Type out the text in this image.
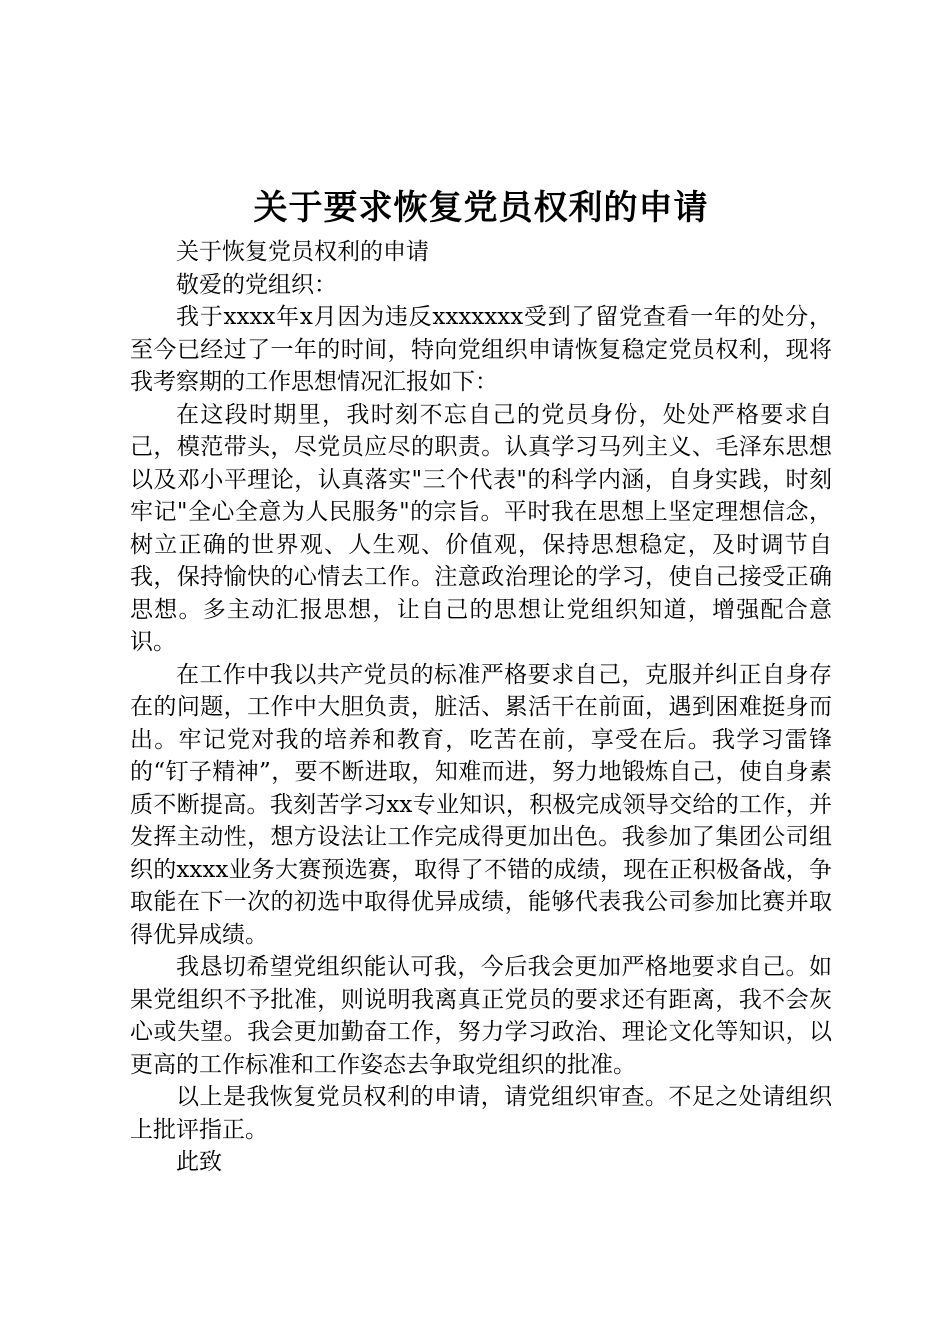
关于要求恢复党员权利的申请

关于恢复党员权利的申请

敬爱的党组织：

我于xxxx年x月因为违反xxxxxxx受到了留党查看一年的处分，至今已经过了一年的时间，特向党组织申请恢复稳定党员权利，现将我考察期的工作思想情况汇报如下：

在这段时期里，我时刻不忘自己的党员身份，处处严格要求自己，模范带头，尽党员应尽的职责。认真学习马列主义、毛泽东思想以及邓小平理论，认真落实"三个代表"的科学内涵，自身实践，时刻牢记"全心全意为人民服务"的宗旨。平时我在思想上坚定理想信念，树立正确的世界观、人生观、价值观，保持思想稳定，及时调节自我，保持愉快的心情去工作。注意政治理论的学习，使自己接受正确思想。多主动汇报思想，让自己的思想让党组织知道，增强配合意识。

在工作中我以共产党员的标准严格要求自己，克服并纠正自身存在的问题，工作中大胆负责，脏活、累活干在前面，遇到困难挺身而出。牢记党对我的培养和教育，吃苦在前，享受在后。我学习雷锋的“钉子精神”，要不断进取，知难而进，努力地锻炼自己，使自身素质不断提高。我刻苦学习xx专业知识，积极完成领导交给的工作，并发挥主动性，想方设法让工作完成得更加出色。我参加了集团公司组织的xxxx业务大赛预选赛，取得了不错的成绩，现在正积极备战，争取能在下一次的初选中取得优异成绩，能够代表我公司参加比赛并取得优异成绩。

我恳切希望党组织能认可我，今后我会更加严格地要求自己。如果党组织不予批准，则说明我离真正党员的要求还有距离，我不会灰心或失望。我会更加勤奋工作，努力学习政治、理论文化等知识，以更高的工作标准和工作姿态去争取党组织的批准。

以上是我恢复党员权利的申请，请党组织审查。不足之处请组织上批评指正。

此致
